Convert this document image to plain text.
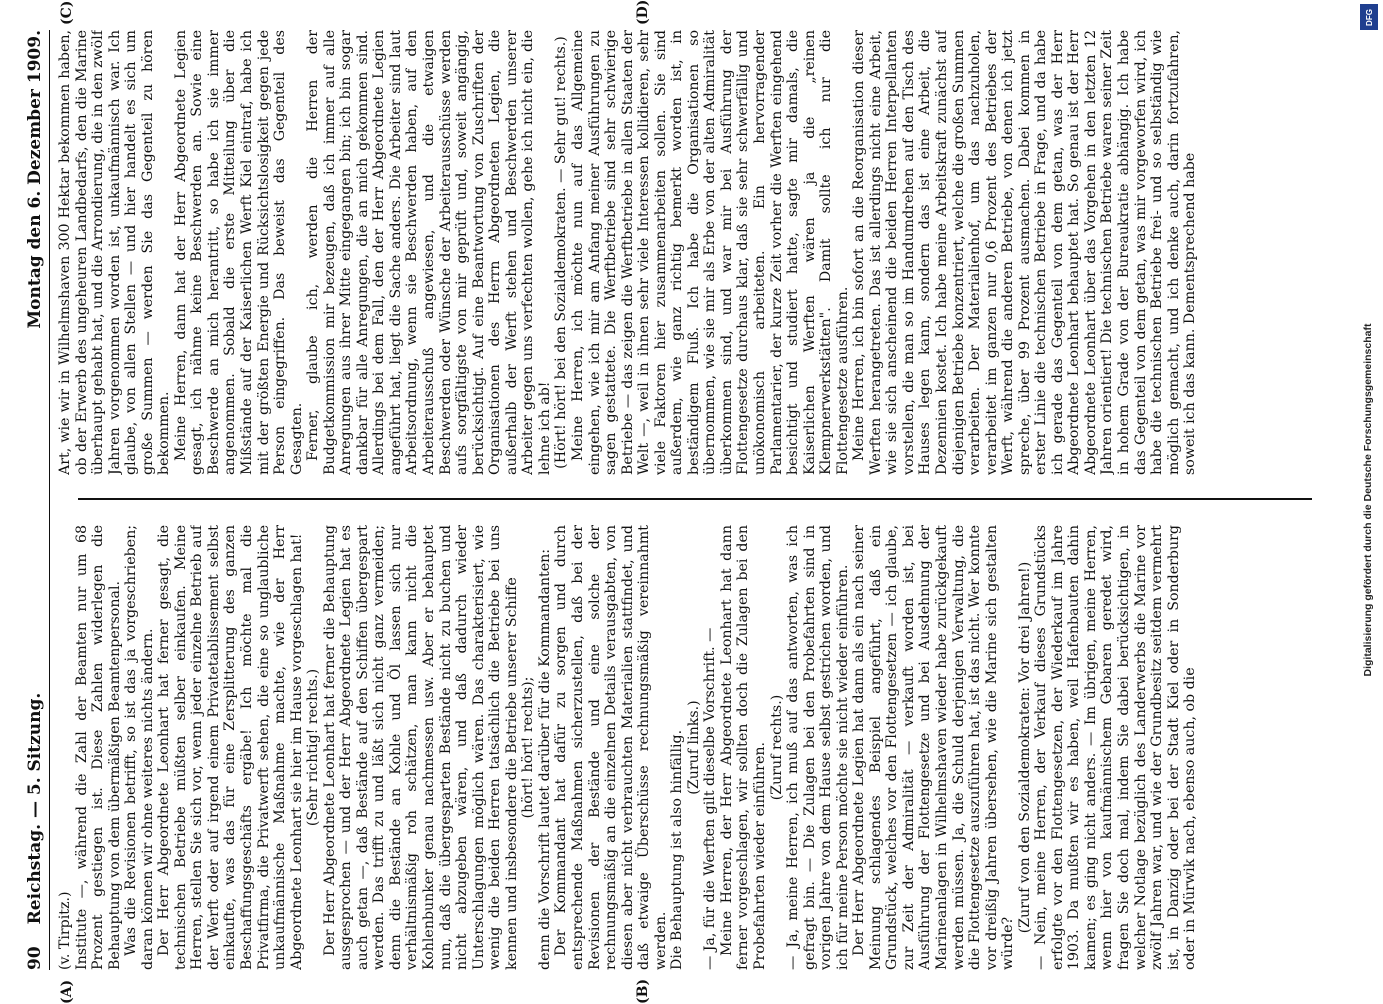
90
Reichstag. — 5. Sitzung.
Montag den 6. Dezember 1909.

(v. Tirpitz.) Institute —, während die Zahl der Beamten nur um 68 Prozent gestiegen ist. Diese Zahlen widerlegen die Behauptung von dem übermäßigen Beamtenpersonal. Was die Revisionen betrifft, so ist das ja vorgeschrieben; daran können wir ohne weiteres nichts ändern. Der Herr Abgeordnete Leonhart hat ferner gesagt, die technischen Betriebe müßten selber einkaufen. Meine Herren, stellen Sie sich vor, wenn jeder einzelne Betrieb auf der Werft oder auf irgend einem Privatetablissement selbst einkaufte, was das für eine Zersplitterung des ganzen Beschaffungsgeschäfts ergäbe! Ich möchte mal die Privatfirma, die Privatwerft sehen, die eine so unglaubliche unkaufmännische Maßnahme machte, wie der Herr Abgeordnete Leonhart sie hier im Hause vorgeschlagen hat! (Sehr richtig! rechts.) Der Herr Abgeordnete Leonhart hat ferner die Behauptung ausgesprochen — und der Herr Abgeordnete Legien hat es auch getan —, daß Bestände auf den Schiffen übergespart werden. Das trifft zu und läßt sich nicht ganz vermeiden; denn die Bestände an Kohle und Öl lassen sich nur verhältnismäßig roh schätzen, man kann nicht die Kohlenbunker genau nachmessen usw. Aber er behauptet nun, daß die übergesparten Bestände nicht zu buchen und nicht abzugeben wären, und daß dadurch wieder Unterschlagungen möglich wären. Das charakterisiert, wie wenig die beiden Herren tatsächlich die Betriebe bei uns kennen und insbesondere die Betriebe unserer Schiffe (hört! hört! rechts); denn die Vorschrift lautet darüber für die Kommandanten: Der Kommandant hat dafür zu sorgen und durch entsprechende Maßnahmen sicherzustellen, daß bei der Revisionen der Bestände und eine solche der rechnungsmäßig an die einzelnen Details verausgabten, von diesen aber nicht verbrauchten Materialien stattfindet, und daß etwaige Überschüsse rechnungsmäßig vereinnahmt werden. Die Behauptung ist also hinfällig. (Zuruf links.) — Ja, für die Werften gilt dieselbe Vorschrift. — Meine Herren, der Herr Abgeordnete Leonhart hat dann ferner vorgeschlagen, wir sollten doch die Zulagen bei den Probefahrten wieder einführen. (Zuruf rechts.) — Ja, meine Herren, ich muß auf das antworten, was ich gefragt bin. — Die Zulagen bei den Probefahrten sind in vorigen Jahre von dem Hause selbst gestrichen worden, und ich für meine Person möchte sie nicht wieder einführen. Der Herr Abgeordnete Legien hat dann als ein nach seiner Meinung schlagendes Beispiel angeführt, daß ein Grundstück, welches vor den Flottengesetzen — ich glaube, zur Zeit der Admiralität — verkauft worden ist, bei Ausführung der Flottengesetze und bei Ausdehnung der Marineanlagen in Wilhelmshaven wieder habe zurückgekauft werden müssen. Ja, die Schuld derjenigen Verwaltung, die die Flottengesetze auszuführen hat, ist das nicht. Wer konnte vor dreißig Jahren übersehen, wie die Marine sich gestalten würde?

(Zuruf von den Sozialdemokraten: Vor drei Jahren!) — Nein, meine Herren, der Verkauf dieses Grundstücks erfolgte vor den Flottengesetzen, der Wiederkauf im Jahre 1903. Da mußten wir es haben, weil Hafenbauten dahin kamen; es ging nicht anders. — Im übrigen, meine Herren, wenn hier von kaufmännischem Gebaren geredet wird, fragen Sie doch mal, indem Sie dabei berücksichtigen, in welcher Notlage bezüglich des Landerwerbs die Marine vor zwölf Jahren war, und wie der Grundbesitz seitdem vermehrt ist, in Danzig oder bei der Stadt Kiel oder in Sonderburg oder in Mürwik nach, ebenso auch, ob die

Art, wie wir in Wilhelmshaven 300 Hektar bekommen haben, ob der Erwerb des ungeheuren Landbedarfs, den die Marine überhaupt gehabt hat, und die Arrondierung, die in den zwölf Jahren vorgenommen worden ist, unkaufmännisch war. Ich glaube, von allen Stellen — und hier handelt es sich um große Summen — werden Sie das Gegenteil zu hören bekommen. Meine Herren, dann hat der Herr Abgeordnete Legien gesagt, ich nähme keine Beschwerden an. Sowie eine Beschwerde an mich herantritt, so habe ich sie immer angenommen. Sobald die erste Mitteilung über die Mißstände auf der Kaiserlichen Werft Kiel eintraf, habe ich mit der größten Energie und Rücksichtslosigkeit gegen jede Person eingegriffen. Das beweist das Gegenteil des Gesagten. Ferner, glaube ich, werden die Herren der Budgetkommission mir bezeugen, daß ich immer auf alle Anregungen aus ihrer Mitte eingegangen bin; ich bin sogar dankbar für alle Anregungen, die an mich gekommen sind. Allerdings bei dem Fall, den der Herr Abgeordnete Legien angeführt hat, liegt die Sache anders. Die Arbeiter sind laut Arbeitsordnung, wenn sie Beschwerden haben, auf den Arbeiterausschuß angewiesen, und die etwaigen Beschwerden oder Wünsche der Arbeiterausschüsse werden aufs sorgfältigste von mir geprüft und, soweit angängig, berücksichtigt. Auf eine Beantwortung von Zuschriften der Organisationen des Herrn Abgeordneten Legien, die außerhalb der Werft stehen und Beschwerden unserer Arbeiter gegen uns verfechten wollen, gehe ich nicht ein, die lehne ich ab! (Hört! hört! bei den Sozialdemokraten. — Sehr gut! rechts.) Meine Herren, ich möchte nun auf das Allgemeine eingehen, wie ich mir am Anfang meiner Ausführungen zu sagen gestattete. Die Werftbetriebe sind sehr schwierige Betriebe — das zeigen die Werftbetriebe in allen Staaten der Welt —, weil in ihnen sehr viele Interessen kollidieren, sehr viele Faktoren hier zusammenarbeiten sollen. Sie sind außerdem, wie ganz richtig bemerkt worden ist, in beständigem Fluß. Ich habe die Organisationen so übernommen, wie sie mir als Erbe von der alten Admiralität überkommen sind, und war mir bei Ausführung der Flottengesetze durchaus klar, daß sie sehr schwerfällig und unökonomisch arbeiteten. Ein hervorragender Parlamentarier, der kurze Zeit vorher die Werften eingehend besichtigt und studiert hatte, sagte mir damals, die Kaiserlichen Werften wären ja die „reinen Klempnerwerkstätten". Damit sollte ich nur die Flottengesetze ausführen. Meine Herren, ich bin sofort an die Reorganisation dieser Werften herangetreten. Das ist allerdings nicht eine Arbeit, wie sie sich anscheinend die beiden Herren Interpellanten vorstellen, die man so im Handumdrehen auf den Tisch des Hauses legen kann, sondern das ist eine Arbeit, die Dezennien kostet. Ich habe meine Arbeitskraft zunächst auf diejenigen Betriebe konzentriert, welche die großen Summen verarbeiten. Der Materialienhof, um das nachzuholen, verarbeitet im ganzen nur 0,6 Prozent des Betriebes der Werft, während die anderen Betriebe, von denen ich jetzt spreche, über 99 Prozent ausmachen. Dabei kommen in erster Linie die technischen Betriebe in Frage, und da habe ich gerade das Gegenteil von dem getan, was der Herr Abgeordnete Leonhart behauptet hat. So genau ist der Herr Abgeordnete Leonhart über das Vorgehen in den letzten 12 Jahren orientiert! Die technischen Betriebe waren seiner Zeit in hohem Grade von der Bureaukratie abhängig. Ich habe das Gegenteil von dem getan, was mir vorgeworfen wird, ich habe die technischen Betriebe frei- und so selbständig wie möglich gemacht, und ich denke auch, darin fortzufahren, soweit ich das kann. Dementsprechend habe

(A)	(B)
(C)	(D)	DFG
Digitalisierung gefördert durch die Deutsche Forschungsgemeinschaft
